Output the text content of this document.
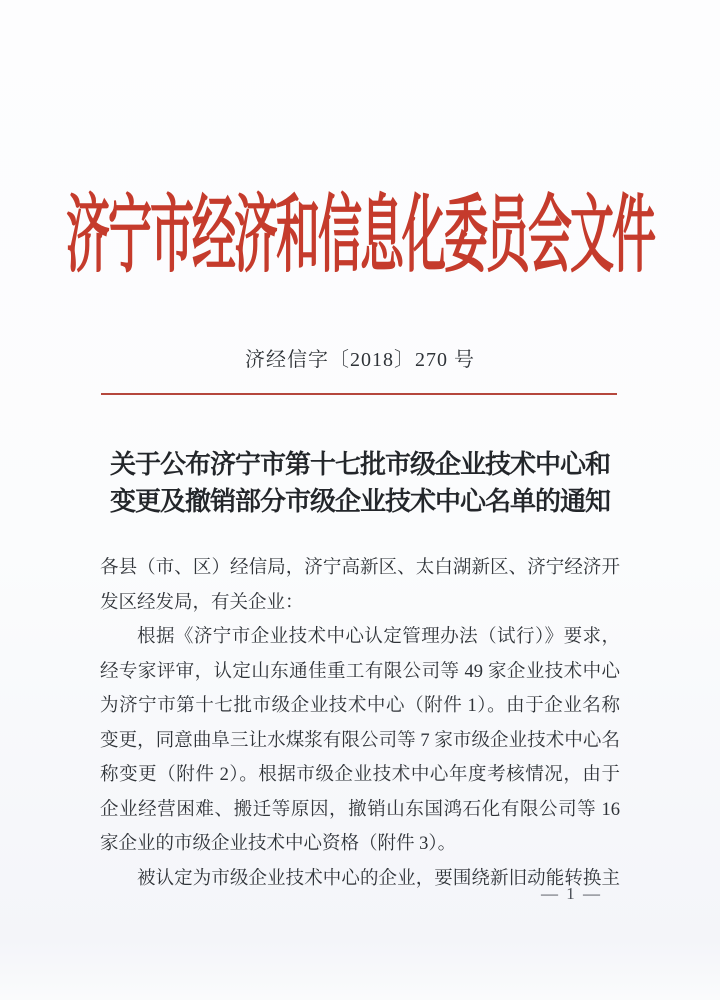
济宁市经济和信息化委员会文件
济经信字〔2018〕270 号
关于公布济宁市第十七批市级企业技术中心和
变更及撤销部分市级企业技术中心名单的通知
各县（市、区）经信局，济宁高新区、太白湖新区、济宁经济开
发区经发局，有关企业：
根据《济宁市企业技术中心认定管理办法（试行）》要求，
经专家评审，认定山东通佳重工有限公司等 49 家企业技术中心
为济宁市第十七批市级企业技术中心（附件 1）。由于企业名称
变更，同意曲阜三让水煤浆有限公司等 7 家市级企业技术中心名
称变更（附件 2）。根据市级企业技术中心年度考核情况，由于
企业经营困难、搬迁等原因，撤销山东国鸿石化有限公司等 16
家企业的市级企业技术中心资格（附件 3）。
被认定为市级企业技术中心的企业，要围绕新旧动能转换主
— 1 —
